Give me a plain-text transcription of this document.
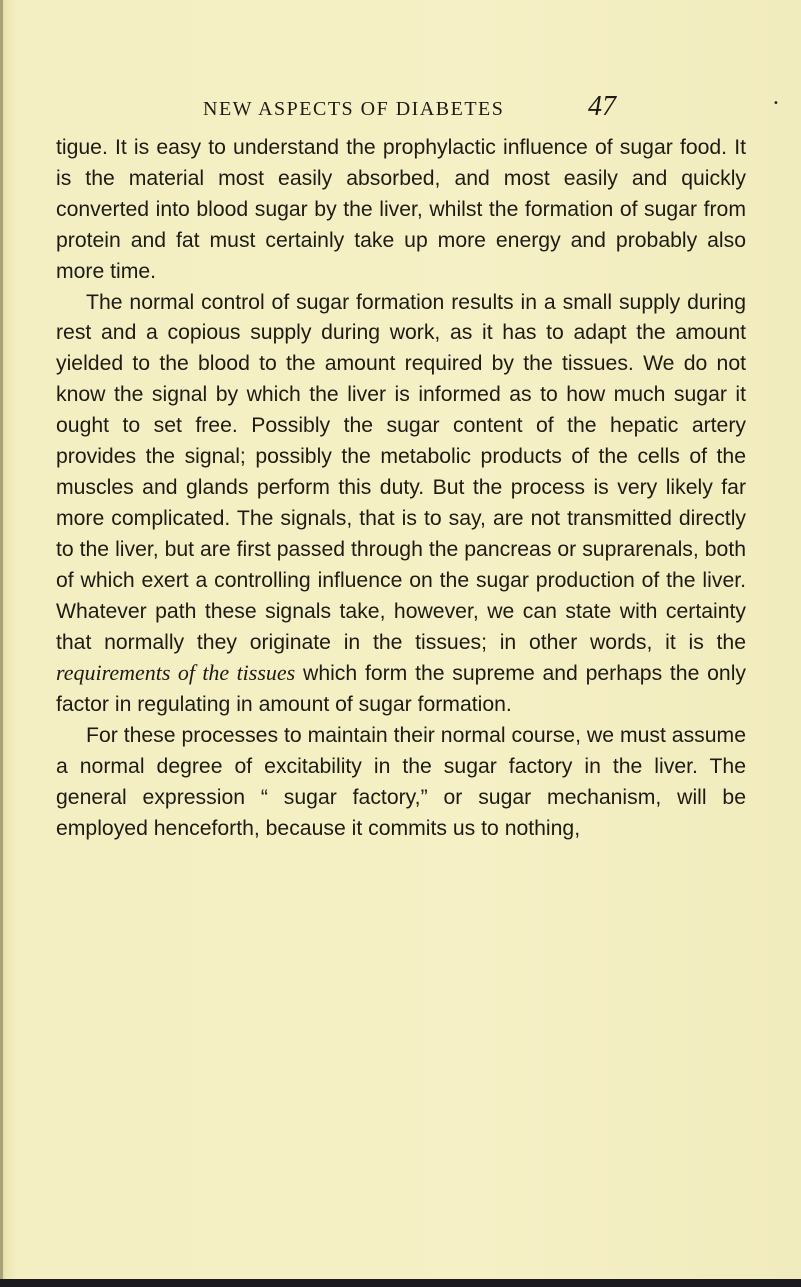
NEW ASPECTS OF DIABETES	47	•

tigue. It is easy to understand the prophylactic influence of sugar food. It is the material most easily absorbed, and most easily and quickly converted into blood sugar by the liver, whilst the formation of sugar from protein and fat must certainly take up more energy and probably also more time.

The normal control of sugar formation results in a small supply during rest and a copious supply during work, as it has to adapt the amount yielded to the blood to the amount required by the tissues. We do not know the signal by which the liver is informed as to how much sugar it ought to set free. Possibly the sugar content of the hepatic artery provides the signal; possibly the metabolic products of the cells of the muscles and glands perform this duty. But the process is very likely far more complicated. The signals, that is to say, are not transmitted directly to the liver, but are first passed through the pancreas or suprarenals, both of which exert a controlling influence on the sugar production of the liver. Whatever path these signals take, however, we can state with certainty that normally they originate in the tissues; in other words, it is the requirements of the tissues which form the supreme and perhaps the only factor in regulating in amount of sugar formation.

For these processes to maintain their normal course, we must assume a normal degree of excitability in the sugar factory in the liver. The general expression “ sugar factory,” or sugar mechanism, will be employed henceforth, because it commits us to nothing,
